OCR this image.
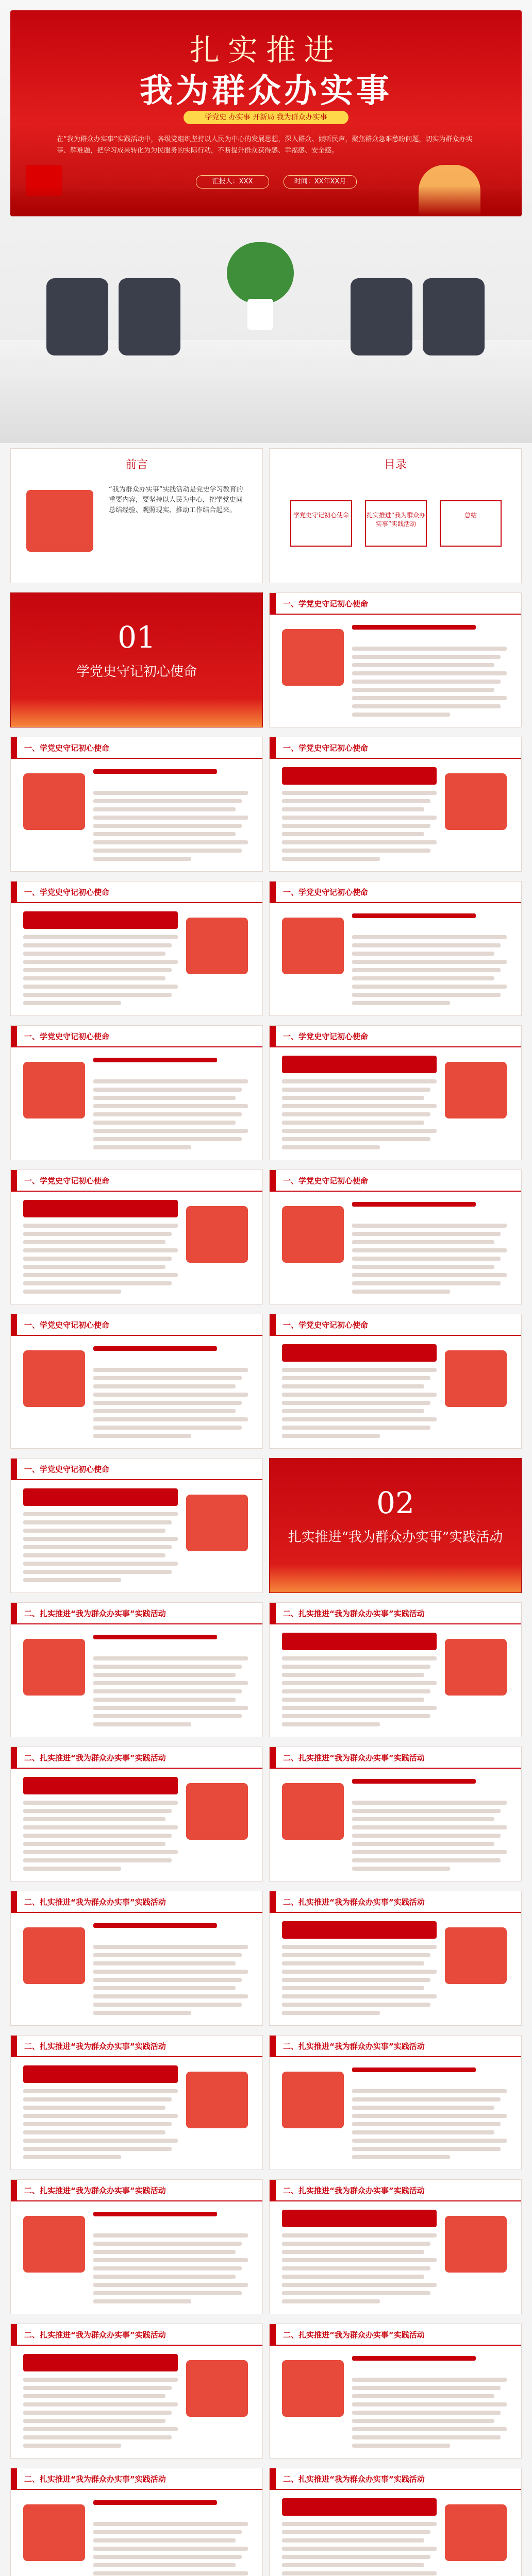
扎实推进
我为群众办实事
学党史 办实事 开新局 我为群众办实事
在“我为群众办实事”实践活动中，各级党组织坚持以人民为中心的发展思想，深入群众、倾听民声，聚焦群众急难愁盼问题，切实为群众办实事、解难题，把学习成果转化为为民服务的实际行动，不断提升群众获得感、幸福感、安全感。
汇报人：XXX	时间：XX年XX月
前言
“我为群众办实事”实践活动是党史学习教育的重要内容，要坚持以人民为中心，把学党史同总结经验、观照现实、推动工作结合起来。
目录
学党史守记初心使命	扎实推进“我为群众办实事”实践活动
总结
01
学党史守记初心使命
一、学党史守记初心使命
一、学党史守记初心使命	一、学党史守记初心使命
一、学党史守记初心使命	一、学党史守记初心使命
一、学党史守记初心使命	一、学党史守记初心使命
一、学党史守记初心使命	一、学党史守记初心使命
一、学党史守记初心使命	一、学党史守记初心使命
一、学党史守记初心使命
02
扎实推进“我为群众办实事”实践活动
二、扎实推进“我为群众办实事”实践活动	二、扎实推进“我为群众办实事”实践活动
二、扎实推进“我为群众办实事”实践活动	二、扎实推进“我为群众办实事”实践活动
二、扎实推进“我为群众办实事”实践活动	二、扎实推进“我为群众办实事”实践活动
二、扎实推进“我为群众办实事”实践活动	二、扎实推进“我为群众办实事”实践活动
二、扎实推进“我为群众办实事”实践活动	二、扎实推进“我为群众办实事”实践活动
二、扎实推进“我为群众办实事”实践活动	二、扎实推进“我为群众办实事”实践活动
二、扎实推进“我为群众办实事”实践活动	二、扎实推进“我为群众办实事”实践活动
